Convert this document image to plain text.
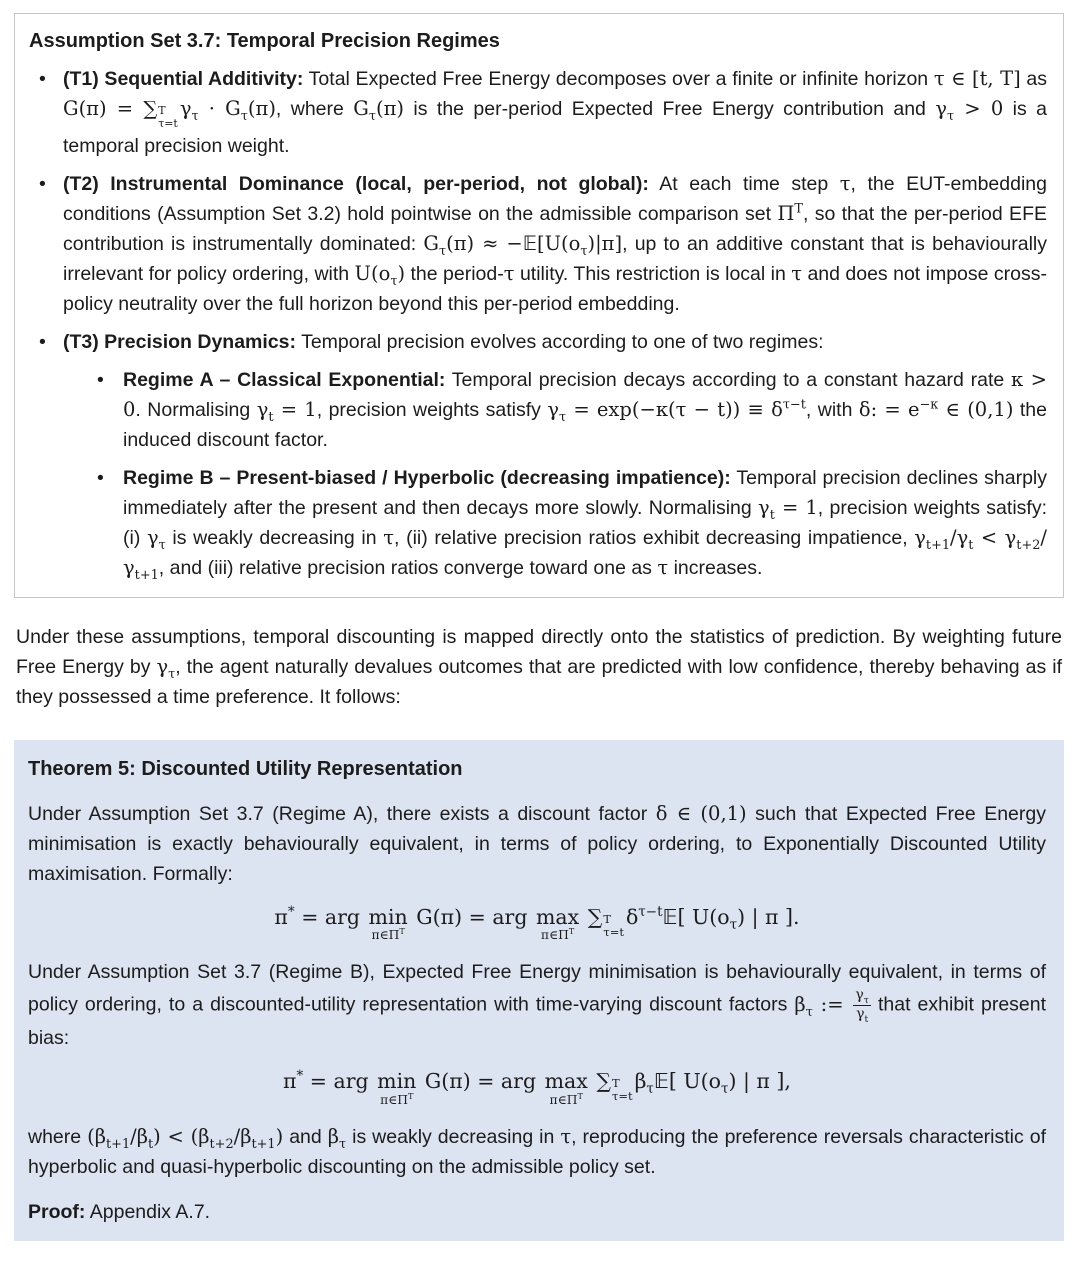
Assumption Set 3.7: Temporal Precision Regimes
• (T1) Sequential Additivity: Total Expected Free Energy decomposes over a finite or infinite horizon τ ∈ [t, T] as G(π) = ∑ T
τ=t
$\gamma_\tau \cdot G_\tau(\pi)$, where $G_\tau(\pi)$ is the per-period Expected Free Energy contribution and $\gamma_\tau > 0$ is a temporal precision weight.
• (T2) Instrumental Dominance (local, per-period, not global): At each time step τ, the EUT-embedding conditions (Assumption Set 3.2) hold pointwise on the admissible comparison set $\Pi^T$, so that the per-period EFE contribution is instrumentally dominated: $G_\tau(\pi)$ ≈ $-𝔼[U(o_\tau)|\pi]$, up to an additive constant that is behaviourally irrelevant for policy ordering, with $U(o_\tau)$ the period-τ utility. This restriction is local in τ and does not impose cross-policy neutrality over the full horizon beyond this per-period embedding.
• (T3) Precision Dynamics: Temporal precision evolves according to one of two regimes:
• Regime A – Classical Exponential: Temporal precision decays according to a constant hazard rate κ > 0. Normalising $\gamma_t = 1$, precision weights satisfy $\gamma_\tau = \exp(-\kappa(\tau - t)) \equiv \delta^{\tau-t}$, with δ: = $e^{-\kappa}$ ∈ (0,1) the induced discount factor.
• Regime B – Present-biased / Hyperbolic (decreasing impatience): Temporal precision declines sharply immediately after the present and then decays more slowly. Normalising $\gamma_t = 1$, precision weights satisfy: (i) $\gamma_\tau$ is weakly decreasing in τ, (ii) relative precision ratios exhibit decreasing impatience, $\gamma_{t+1}/\gamma_t < \gamma_{t+2}/\gamma_{t+1}$, and (iii) relative precision ratios converge toward one as τ increases.
Under these assumptions, temporal discounting is mapped directly onto the statistics of prediction. By weighting future Free Energy by $\gamma_\tau$, the agent naturally devalues outcomes that are predicted with low confidence, thereby behaving as if they possessed a time preference. It follows:
Theorem 5: Discounted Utility Representation
Under Assumption Set 3.7 (Regime A), there exists a discount factor δ ∈ (0,1) such that Expected Free Energy minimisation is exactly behaviourally equivalent, in terms of policy ordering, to Exponentially Discounted Utility maximisation. Formally:
π* = arg min
$\pi\in\Pi^T$
G(π) = arg max
$\pi\in\Pi^T$
∑ T
τ=t
$\delta^{\tau-t}𝔼$[ $U(o_\tau)$ | π ].
Under Assumption Set 3.7 (Regime B), Expected Free Energy minimisation is behaviourally equivalent, in terms of policy ordering, to a discounted-utility representation with time-varying discount factors $\beta_\tau$ := $\frac{\gamma_\tau}{\gamma_t}$ that exhibit present bias:
π* = arg min
$\pi\in\Pi^T$
G(π) = arg max
$\pi\in\Pi^T$
∑ T
τ=t
$\beta_\tau 𝔼$[ $U(o_\tau)$ | π ],
where $(\beta_{t+1}/\beta_t) < (\beta_{t+2}/\beta_{t+1})$ and $\beta_\tau$ is weakly decreasing in τ, reproducing the preference reversals characteristic of hyperbolic and quasi-hyperbolic discounting on the admissible policy set.
Proof: Appendix A.7.
